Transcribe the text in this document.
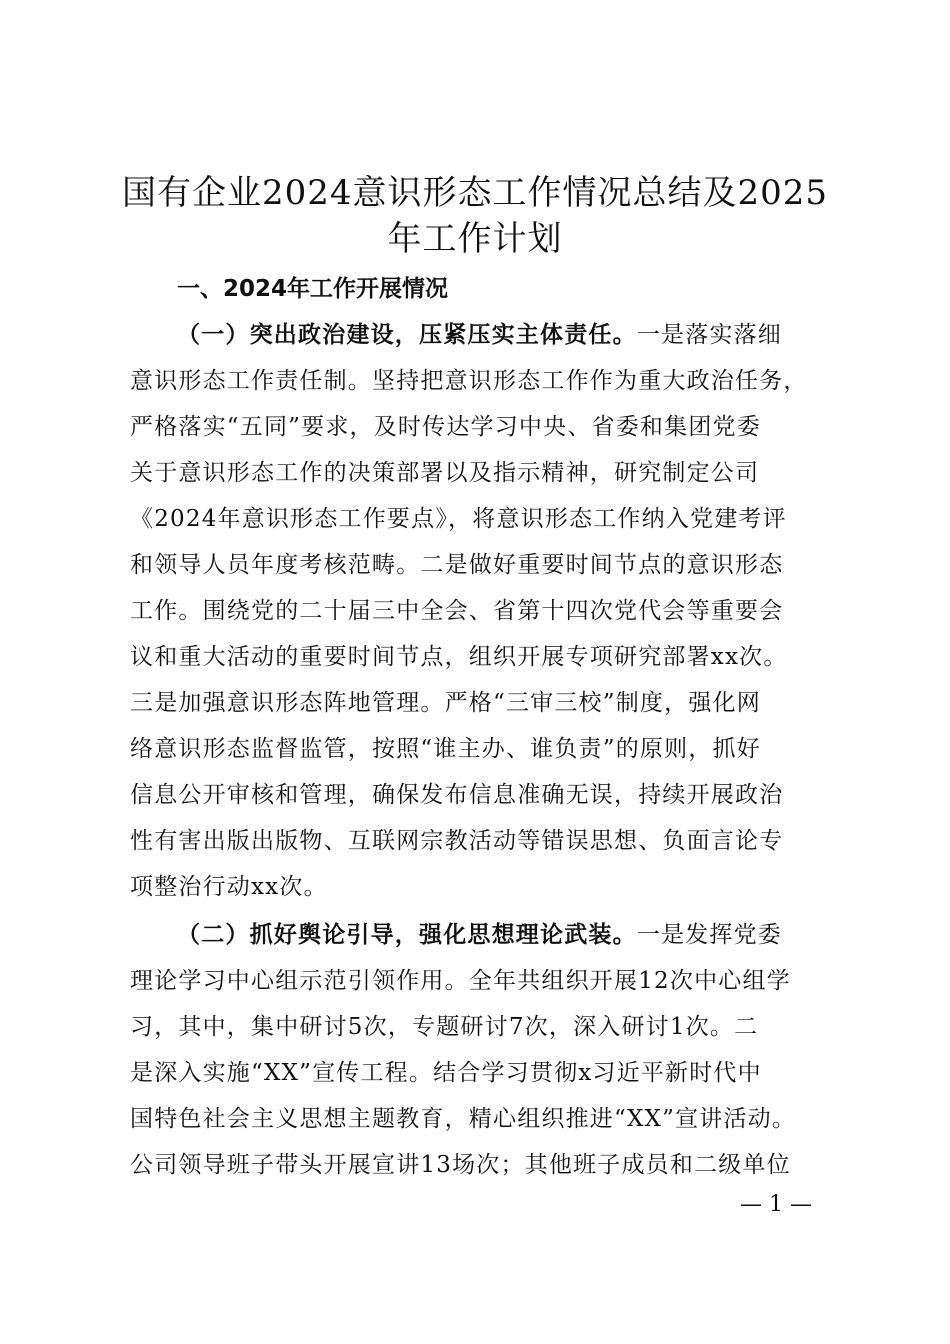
国有企业2024意识形态工作情况总结及2025
年工作计划
一、2024年工作开展情况

（一）突出政治建设，压紧压实主体责任。一是落实落细

意识形态工作责任制。坚持把意识形态工作作为重大政治任务，

严格落实“五同”要求，及时传达学习中央、省委和集团党委

关于意识形态工作的决策部署以及指示精神，研究制定公司

《2024年意识形态工作要点》，将意识形态工作纳入党建考评

和领导人员年度考核范畴。二是做好重要时间节点的意识形态

工作。围绕党的二十届三中全会、省第十四次党代会等重要会

议和重大活动的重要时间节点，组织开展专项研究部署xx次。

三是加强意识形态阵地管理。严格“三审三校”制度，强化网

络意识形态监督监管，按照“谁主办、谁负责”的原则，抓好

信息公开审核和管理，确保发布信息准确无误，持续开展政治

性有害出版出版物、互联网宗教活动等错误思想、负面言论专

项整治行动xx次。

（二）抓好舆论引导，强化思想理论武装。一是发挥党委

理论学习中心组示范引领作用。全年共组织开展12次中心组学

习，其中，集中研讨5次，专题研讨7次，深入研讨1次。二

是深入实施“XX”宣传工程。结合学习贯彻x习近平新时代中

国特色社会主义思想主题教育，精心组织推进“XX”宣讲活动。

公司领导班子带头开展宣讲13场次；其他班子成员和二级单位

— 1 —
